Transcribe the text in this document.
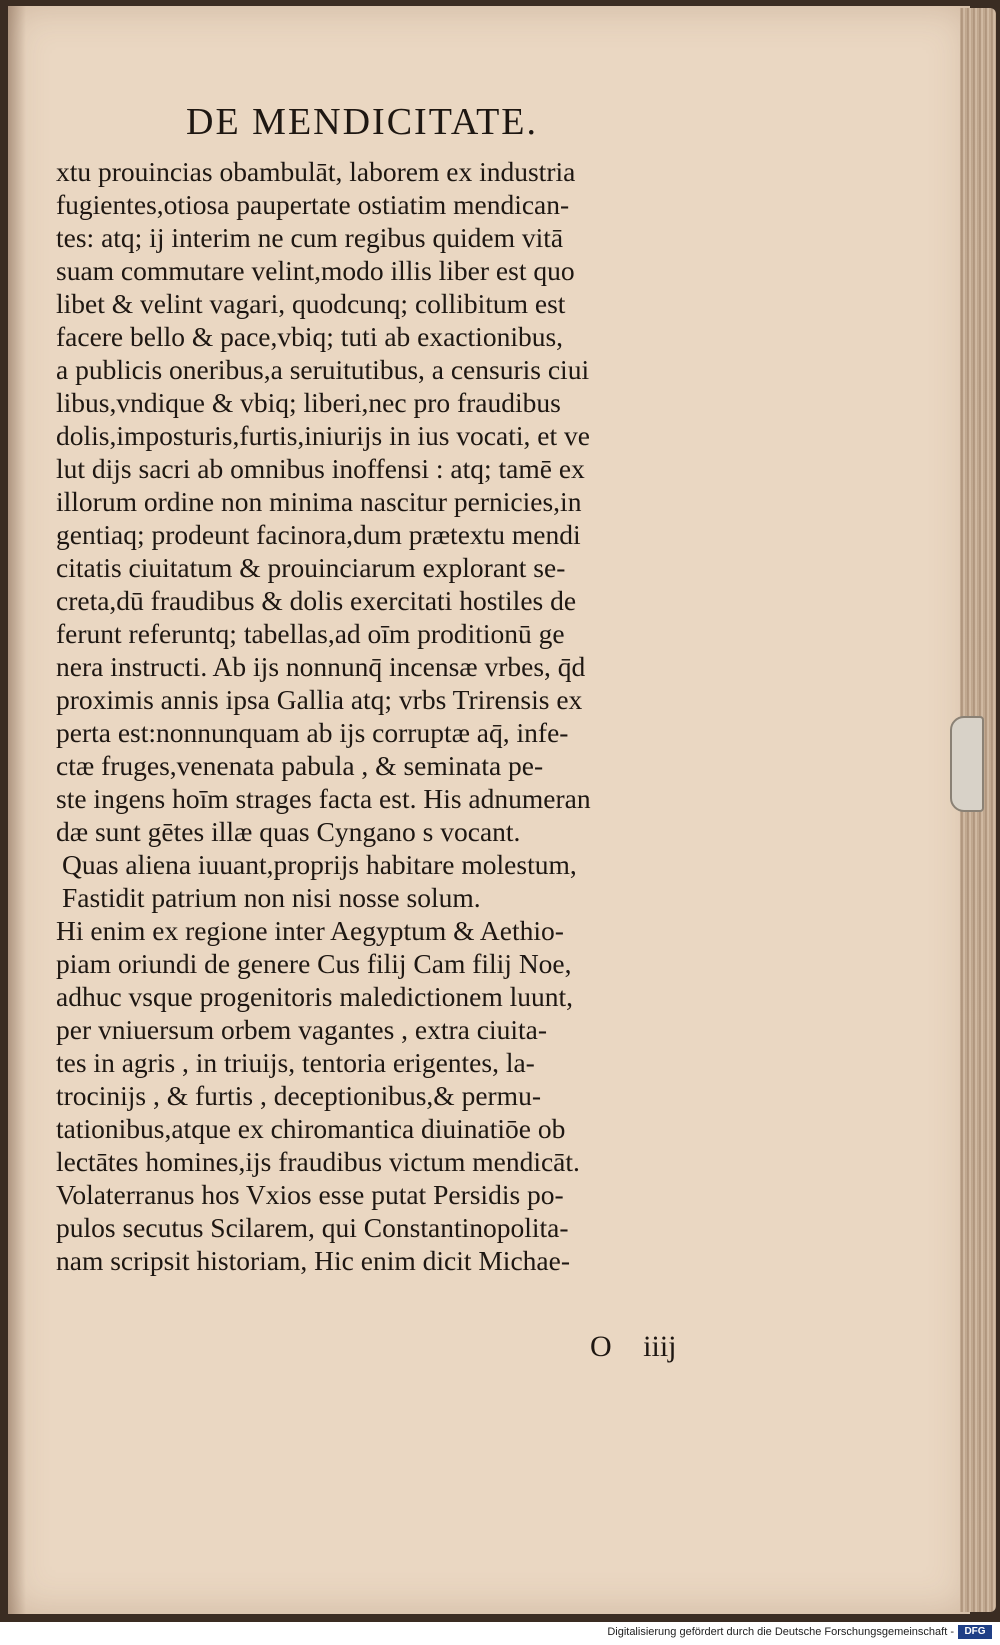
DE MENDICITATE.
xtu prouincias obambulāt, laborem ex industria
fugientes,otiosa paupertate ostiatim mendican-
tes: atq; ij interim ne cum regibus quidem vitā
suam commutare velint,modo illis liber est quo
libet & velint vagari, quodcunq; collibitum est
facere bello & pace,vbiq; tuti ab exactionibus,
a publicis oneribus,a seruitutibus, a censuris ciui
libus,vndique & vbiq; liberi,nec pro fraudibus
dolis,imposturis,furtis,iniurijs in ius vocati, et ve
lut dijs sacri ab omnibus inoffensi : atq; tamē ex
illorum ordine non minima nascitur pernicies,in
gentiaq; prodeunt facinora,dum prætextu mendi
citatis ciuitatum & prouinciarum explorant se-
creta,dū fraudibus & dolis exercitati hostiles de
ferunt referuntq; tabellas,ad oīm proditionū ge
nera instructi. Ab ijs nonnunq̄ incensæ vrbes, q̄d
proximis annis ipsa Gallia atq; vrbs Trirensis ex
perta est:nonnunquam ab ijs corruptæ aq̄, infe-
ctæ fruges,venenata pabula , & seminata pe-
ste ingens hoīm strages facta est. His adnumeran
dæ sunt gētes illæ quas Cyngano s vocant.
Quas aliena iuuant,proprijs habitare molestum,
Fastidit patrium non nisi nosse solum.
Hi enim ex regione inter Aegyptum & Aethio-
piam oriundi de genere Cus filij Cam filij Noe,
adhuc vsque progenitoris maledictionem luunt,
per vniuersum orbem vagantes , extra ciuita-
tes in agris , in triuijs, tentoria erigentes, la-
trocinijs , & furtis , deceptionibus,& permu-
tationibus,atque ex chiromantica diuinatiōe ob
lectātes homines,ijs fraudibus victum mendicāt.
Volaterranus hos Vxios esse putat Persidis po-
pulos secutus Scilarem, qui Constantinopolita-
nam scripsit historiam, Hic enim dicit Michae-
O iiij
Digitalisierung gefördert durch die Deutsche Forschungsgemeinschaft -	DFG
